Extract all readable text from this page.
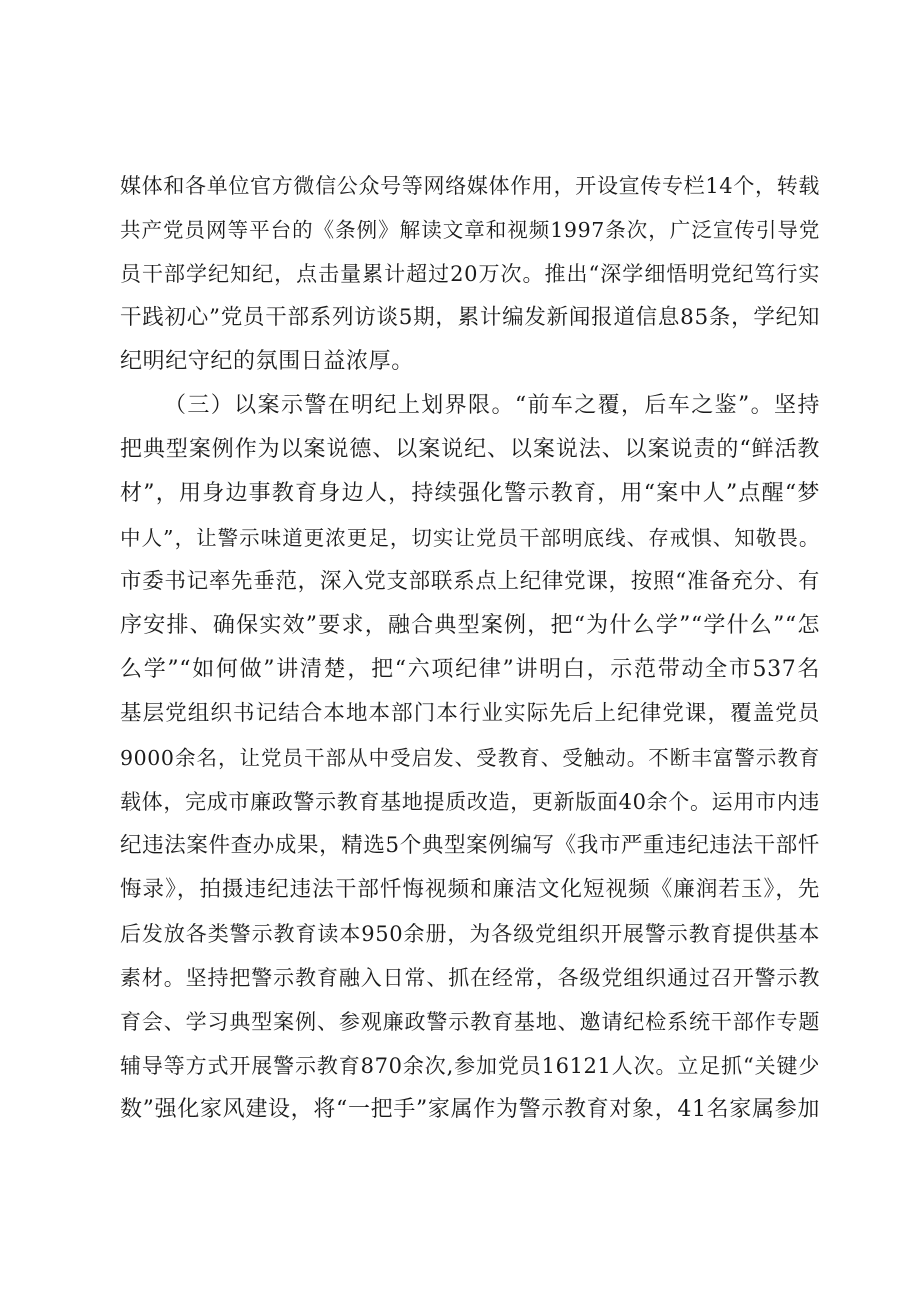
媒体和各单位官方微信公众号等网络媒体作用，开设宣传专栏14个，转载
共产党员网等平台的《条例》解读文章和视频1997条次，广泛宣传引导党
员干部学纪知纪，点击量累计超过20万次。推出“深学细悟明党纪笃行实
干践初心”党员干部系列访谈5期，累计编发新闻报道信息85条，学纪知
纪明纪守纪的氛围日益浓厚。
（三）以案示警在明纪上划界限。“前车之覆，后车之鉴”。坚持
把典型案例作为以案说德、以案说纪、以案说法、以案说责的“鲜活教
材”，用身边事教育身边人，持续强化警示教育，用“案中人”点醒“梦
中人”，让警示味道更浓更足，切实让党员干部明底线、存戒惧、知敬畏。
市委书记率先垂范，深入党支部联系点上纪律党课，按照“准备充分、有
序安排、确保实效”要求，融合典型案例，把“为什么学”“学什么”“怎
么学”“如何做”讲清楚，把“六项纪律”讲明白，示范带动全市537名
基层党组织书记结合本地本部门本行业实际先后上纪律党课，覆盖党员
9000余名，让党员干部从中受启发、受教育、受触动。不断丰富警示教育
载体，完成市廉政警示教育基地提质改造，更新版面40余个。运用市内违
纪违法案件查办成果，精选5个典型案例编写《我市严重违纪违法干部忏
悔录》，拍摄违纪违法干部忏悔视频和廉洁文化短视频《廉润若玉》，先
后发放各类警示教育读本950余册，为各级党组织开展警示教育提供基本
素材。坚持把警示教育融入日常、抓在经常，各级党组织通过召开警示教
育会、学习典型案例、参观廉政警示教育基地、邀请纪检系统干部作专题
辅导等方式开展警示教育870余次,参加党员16121人次。立足抓“关键少
数”强化家风建设，将“一把手”家属作为警示教育对象，41名家属参加
